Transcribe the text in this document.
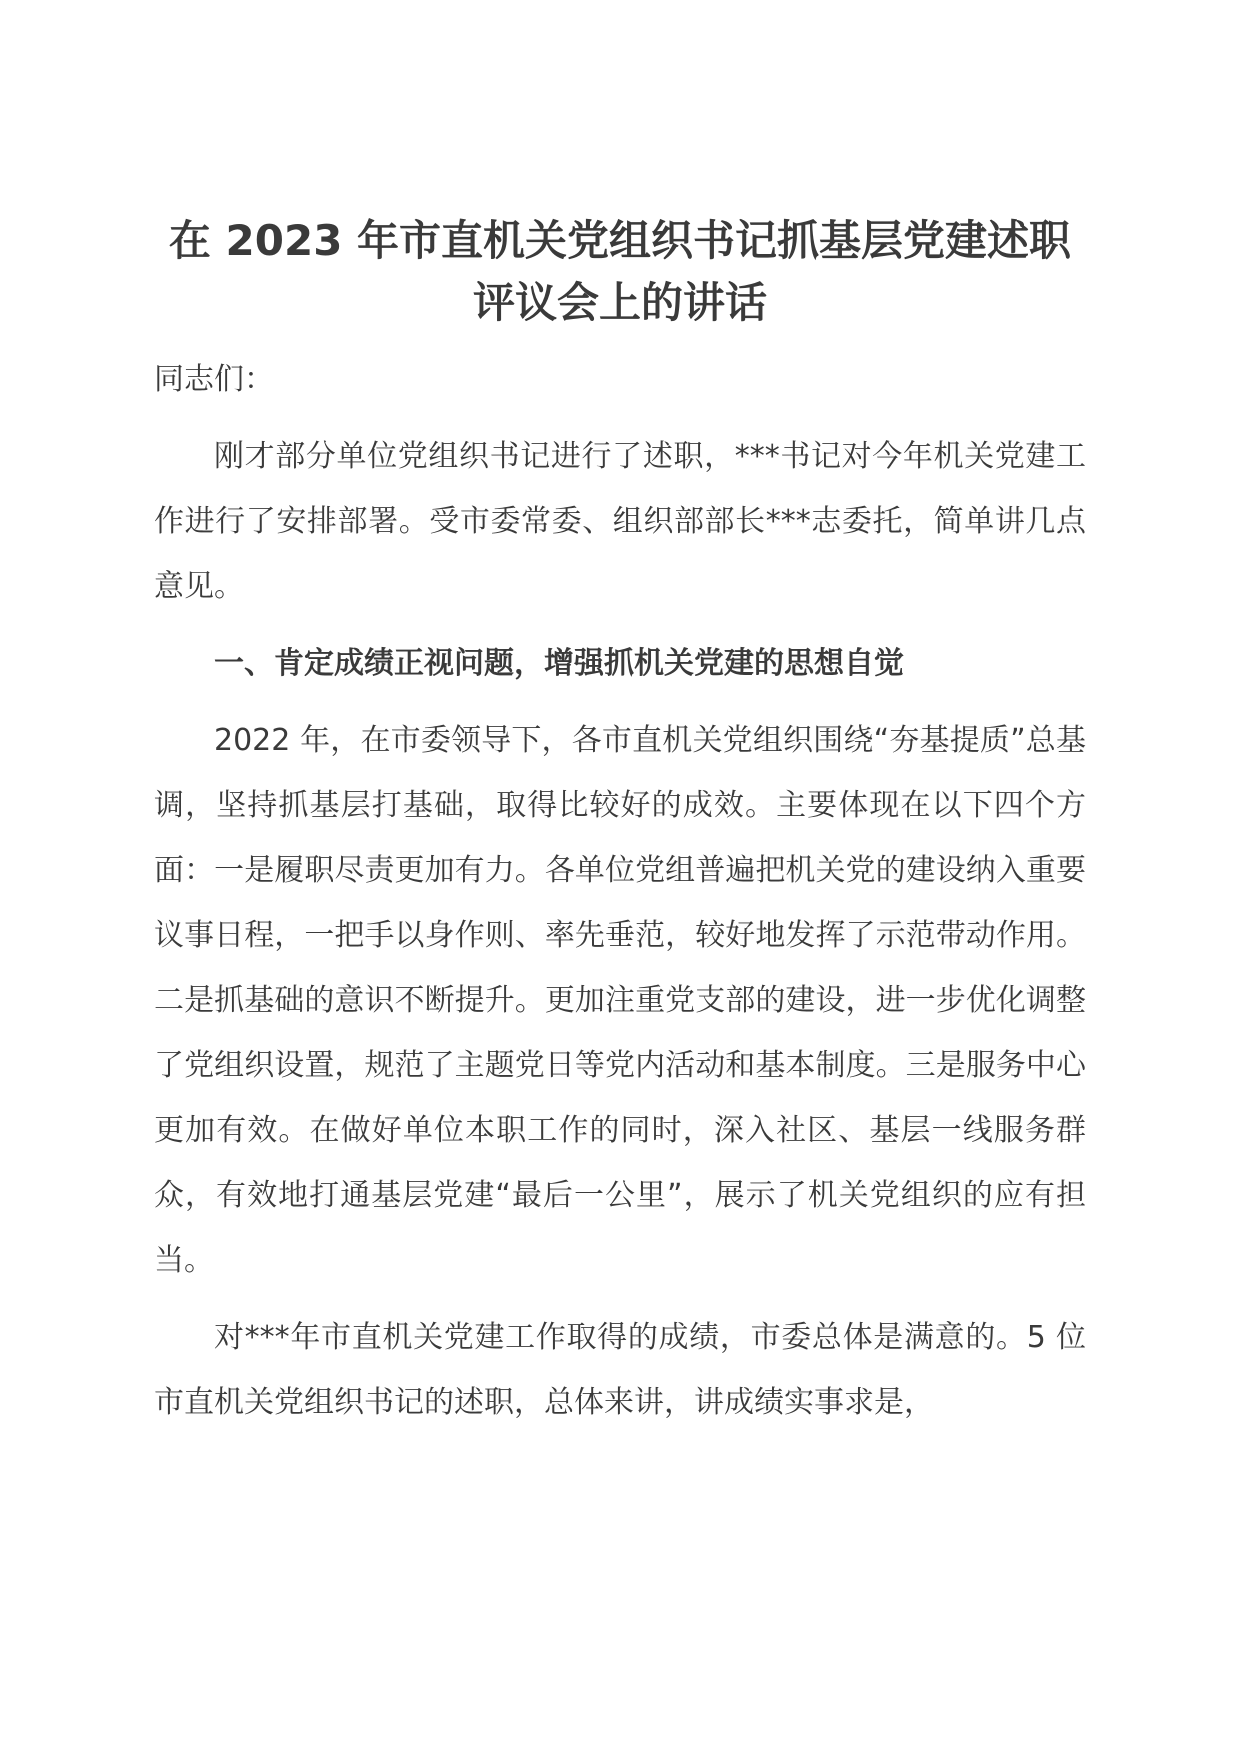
在 2023 年市直机关党组织书记抓基层党建述职评议会上的讲话

同志们：

刚才部分单位党组织书记进行了述职，***书记对今年机关党建工作进行了安排部署。受市委常委、组织部部长***志委托，简单讲几点意见。

一、肯定成绩正视问题，增强抓机关党建的思想自觉

2022 年，在市委领导下，各市直机关党组织围绕“夯基提质”总基调，坚持抓基层打基础，取得比较好的成效。主要体现在以下四个方面：一是履职尽责更加有力。各单位党组普遍把机关党的建设纳入重要议事日程，一把手以身作则、率先垂范，较好地发挥了示范带动作用。二是抓基础的意识不断提升。更加注重党支部的建设，进一步优化调整了党组织设置，规范了主题党日等党内活动和基本制度。三是服务中心更加有效。在做好单位本职工作的同时，深入社区、基层一线服务群众，有效地打通基层党建“最后一公里”，展示了机关党组织的应有担当。

对***年市直机关党建工作取得的成绩，市委总体是满意的。5 位市直机关党组织书记的述职，总体来讲，讲成绩实事求是，
